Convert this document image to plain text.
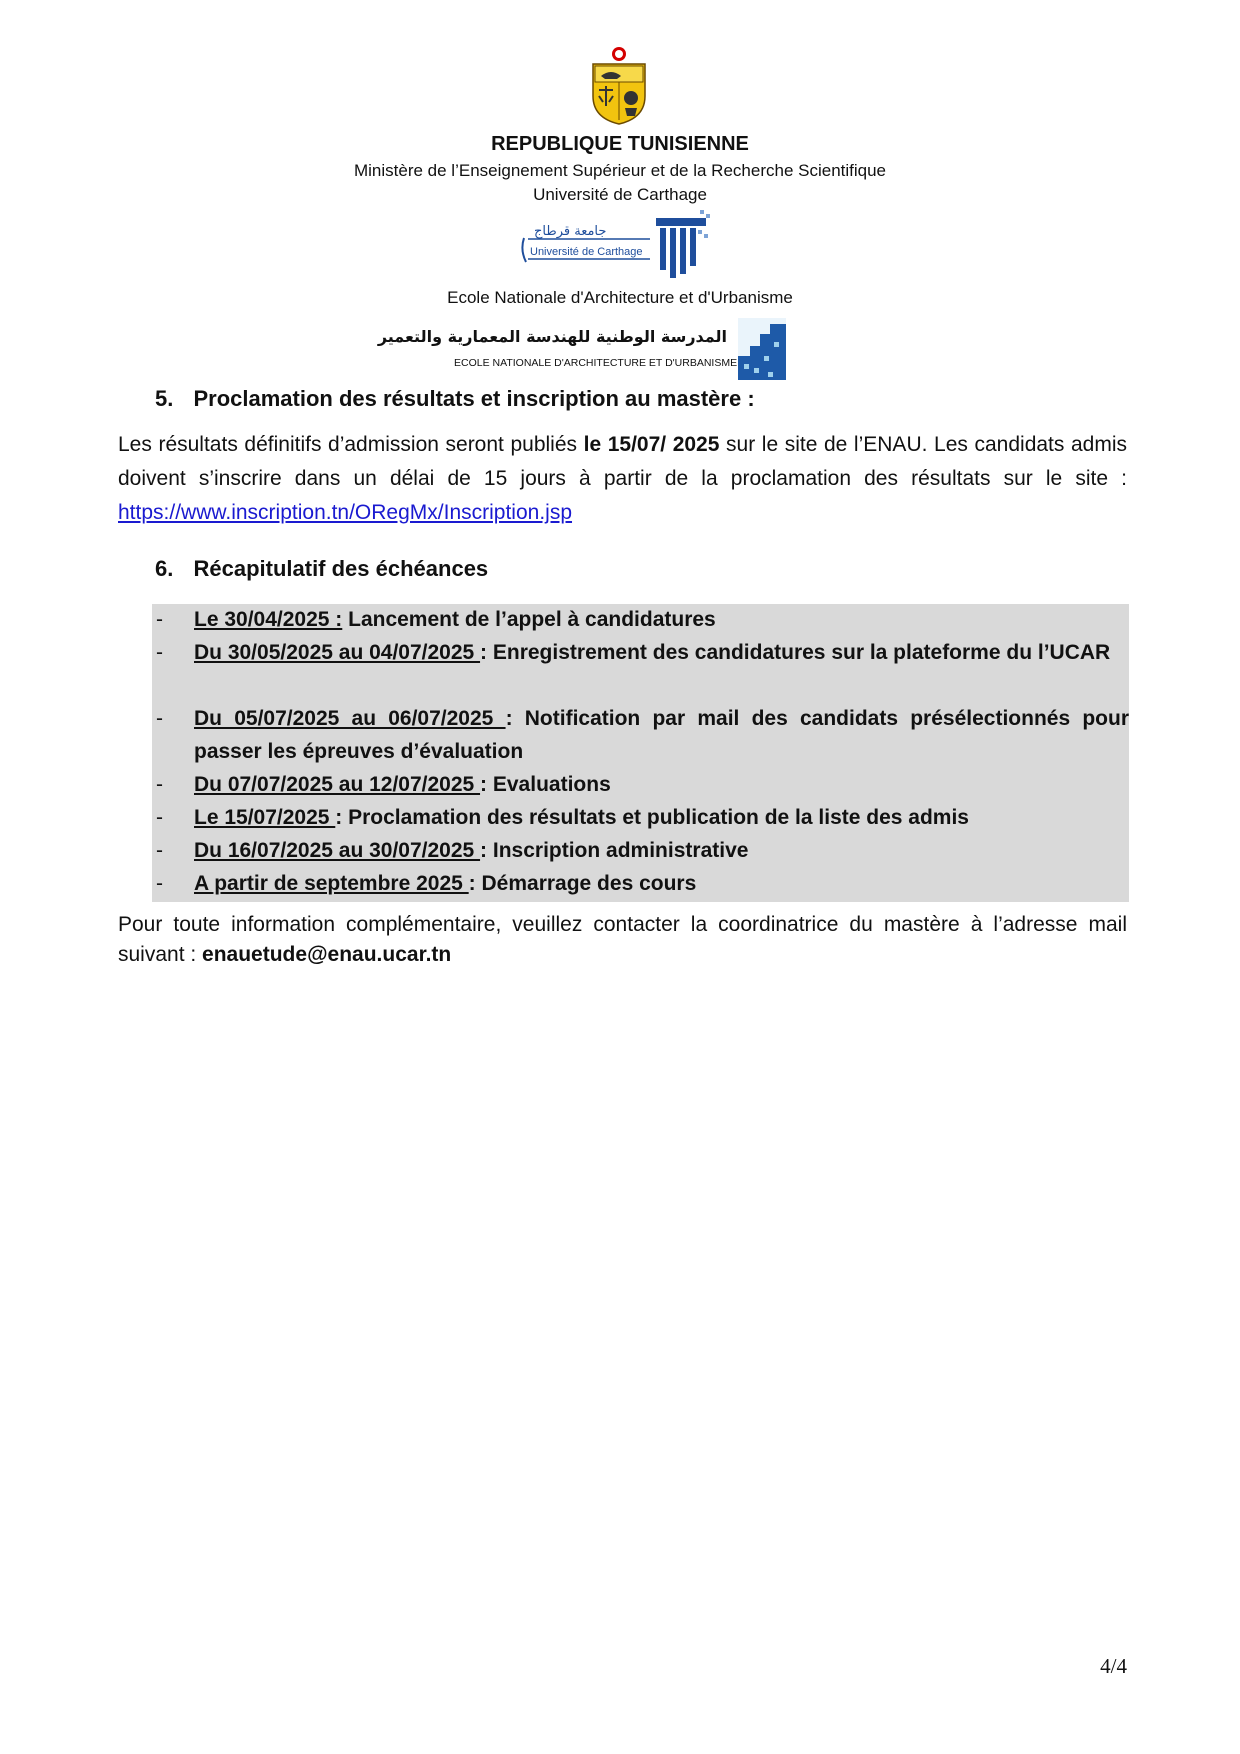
REPUBLIQUE TUNISIENNE
Ministère de l’Enseignement Supérieur et de la Recherche Scientifique
Université de Carthage
Université de Carthage
جامعة قرطاج
Ecole Nationale d'Architecture et d'Urbanisme
المدرسة الوطنية للهندسة المعمارية والتعمير
ECOLE NATIONALE D'ARCHITECTURE ET D'URBANISME
5. Proclamation des résultats et inscription au mastère :
Les résultats définitifs d’admission seront publiés le 15/07/ 2025 sur le site de l’ENAU. Les candidats admis doivent s’inscrire dans un délai de 15 jours à partir de la proclamation des résultats sur le site : https://www.inscription.tn/ORegMx/Inscription.jsp
6. Récapitulatif des échéances
- Le 30/04/2025 : Lancement de l’appel à candidatures
- Du 30/05/2025 au 04/07/2025 : Enregistrement des candidatures sur la plateforme du l’UCAR
- Du 05/07/2025 au 06/07/2025 : Notification par mail des candidats présélectionnés pour passer les épreuves d’évaluation
- Du 07/07/2025 au 12/07/2025 : Evaluations
- Le 15/07/2025 : Proclamation des résultats et publication de la liste des admis
- Du 16/07/2025 au 30/07/2025 : Inscription administrative
- A partir de septembre 2025 : Démarrage des cours
Pour toute information complémentaire, veuillez contacter la coordinatrice du mastère à l’adresse mail suivant : enauetude@enau.ucar.tn
4/4
